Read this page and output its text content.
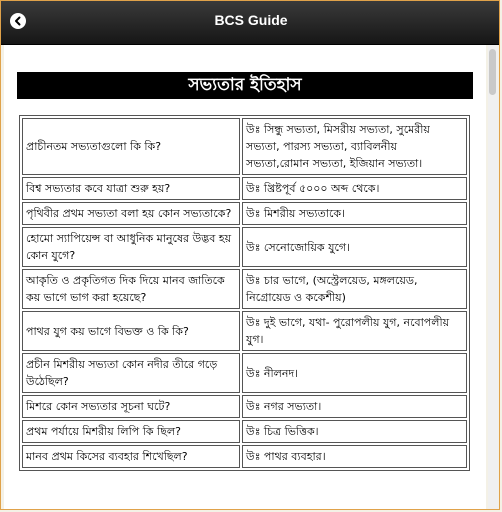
BCS Guide
সভ্যতার ইতিহাস
প্রাচীনতম সভ্যতাগুলো কি কি?	উঃ সিন্ধু সভ্যতা, মিসরীয় সভ্যতা, সুমেরীয় সভ্যতা, পারস্য সভ্যতা, ব্যাবিলনীয় সভ্যতা,রোমান সভ্যতা, ইজিয়ান সভ্যতা।
বিশ্ব সভ্যতার কবে যাত্রা শুরু হয়?	উঃ খ্রিষ্টপূর্ব ৫০০০ অব্দ থেকে।
পৃথিবীর প্রথম সভ্যতা বলা হয় কোন সভ্যতাকে?	উঃ মিশরীয় সভ্যতাকে।
হোমো স্যাপিয়েন্স বা আধুনিক মানুষের উদ্ভব হয় কোন যুগে?	উঃ সেনোজোয়িক যুগে।
আকৃতি ও প্রকৃতিগত দিক দিয়ে মানব জাতিকে কয় ভাগে ভাগ করা হয়েছে?	উঃ চার ভাগে, (অস্ট্রেলয়েড, মঙ্গলয়েড, নিগ্রোয়েড ও ককেশীয়)
পাথর যুগ কয় ভাগে বিভক্ত ও কি কি?	উঃ দুই ভাগে, যথা- পুরোপলীয় যুগ, নবোপলীয় যুগ।
প্রচীন মিশরীয় সভ্যতা কোন নদীর তীরে গড়ে উঠেছিল?	উঃ নীলনদ।
মিশরে কোন সভ্যতার সূচনা ঘটে?	উঃ নগর সভ্যতা।
প্রথম পর্যায়ে মিশরীয় লিপি কি ছিল?	উঃ চিত্র ভিত্তিক।
মানব প্রথম কিসের ব্যবহার শিখেছিল?	উঃ পাথর ব্যবহার।
